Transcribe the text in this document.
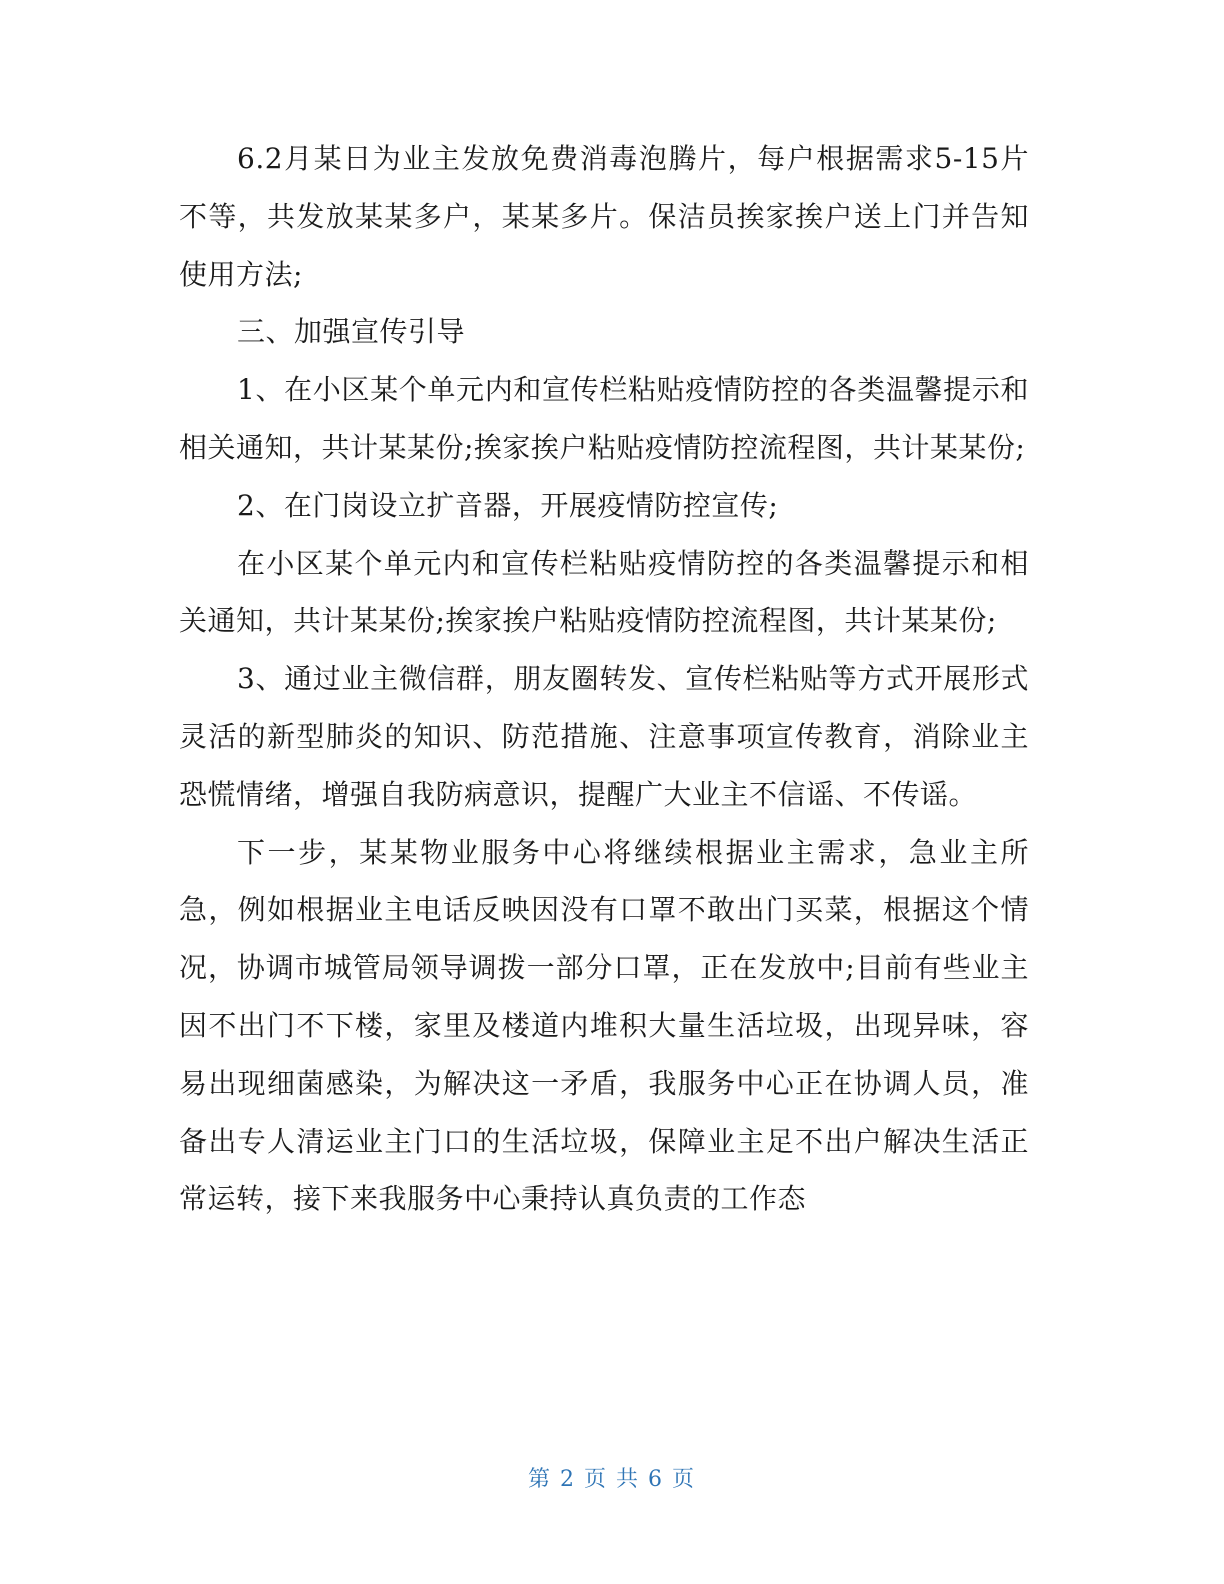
6.2月某日为业主发放免费消毒泡腾片，每户根据需求5-15片不等，共发放某某多户，某某多片。保洁员挨家挨户送上门并告知使用方法;

三、加强宣传引导

1、在小区某个单元内和宣传栏粘贴疫情防控的各类温馨提示和相关通知，共计某某份;挨家挨户粘贴疫情防控流程图，共计某某份;

2、在门岗设立扩音器，开展疫情防控宣传;

在小区某个单元内和宣传栏粘贴疫情防控的各类温馨提示和相关通知，共计某某份;挨家挨户粘贴疫情防控流程图，共计某某份;

3、通过业主微信群，朋友圈转发、宣传栏粘贴等方式开展形式灵活的新型肺炎的知识、防范措施、注意事项宣传教育，消除业主恐慌情绪，增强自我防病意识，提醒广大业主不信谣、不传谣。

下一步，某某物业服务中心将继续根据业主需求，急业主所急，例如根据业主电话反映因没有口罩不敢出门买菜，根据这个情况，协调市城管局领导调拨一部分口罩，正在发放中;目前有些业主因不出门不下楼，家里及楼道内堆积大量生活垃圾，出现异味，容易出现细菌感染，为解决这一矛盾，我服务中心正在协调人员，准备出专人清运业主门口的生活垃圾，保障业主足不出户解决生活正常运转，接下来我服务中心秉持认真负责的工作态

第 2 页 共 6 页
